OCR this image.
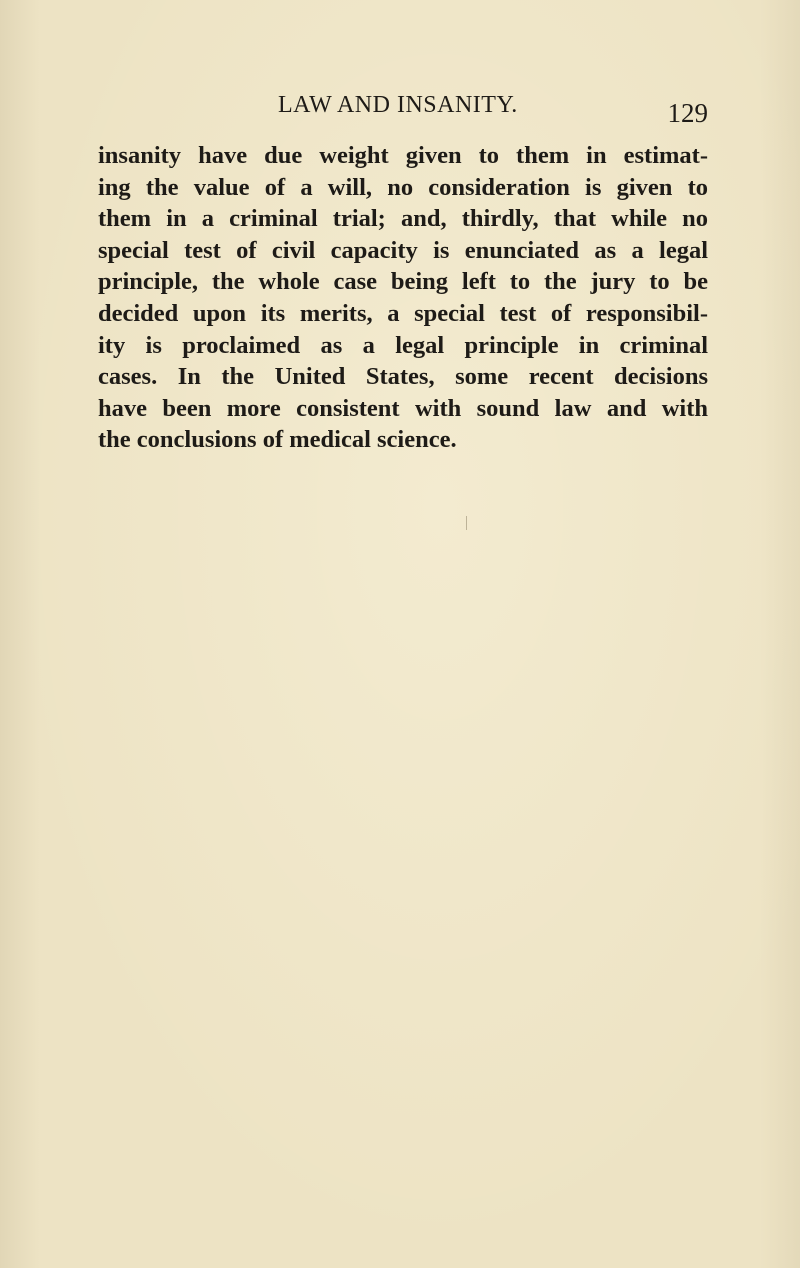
LAW AND INSANITY.	129

insanity have due weight given to them in estimat-
ing the value of a will, no consideration is given to
them in a criminal trial; and, thirdly, that while no
special test of civil capacity is enunciated as a legal
principle, the whole case being left to the jury to be
decided upon its merits, a special test of responsibil-
ity is proclaimed as a legal principle in criminal
cases. In the United States, some recent decisions
have been more consistent with sound law and with
the conclusions of medical science.
